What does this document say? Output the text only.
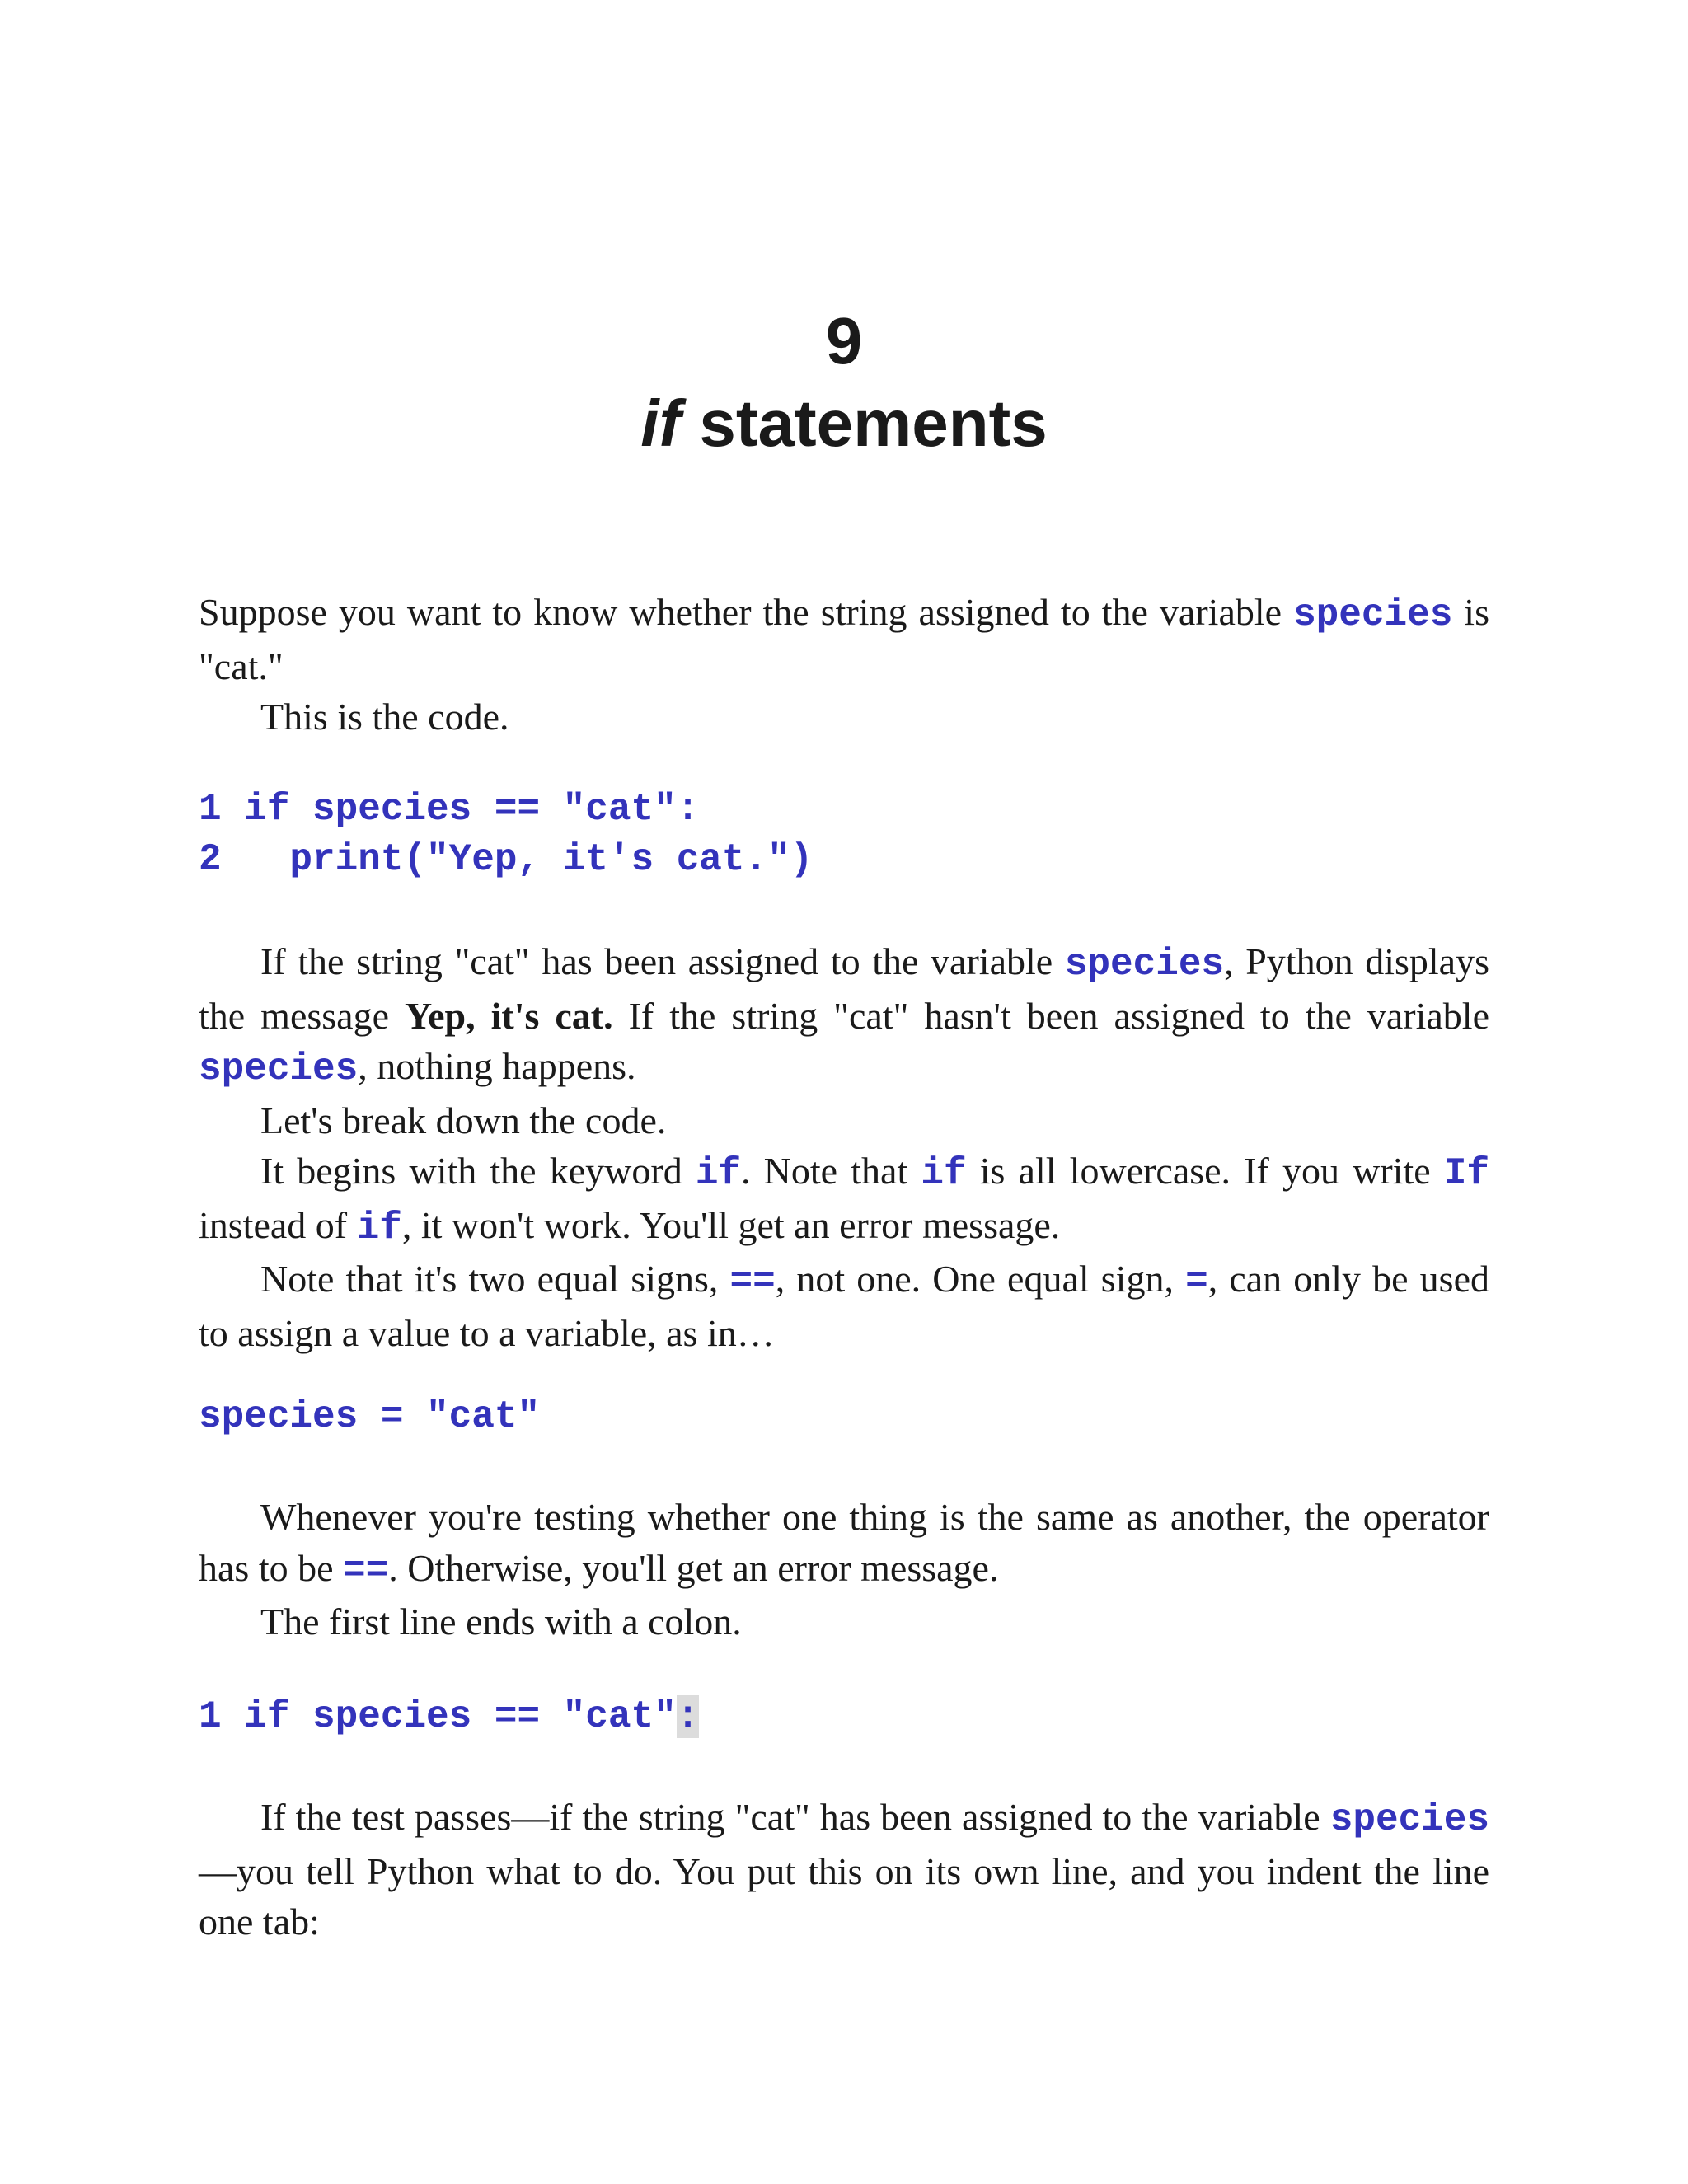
9
if statements

Suppose you want to know whether the string assigned to the variable species is "cat."

This is the code.

1 if species == "cat":
2   print("Yep, it's cat.")

If the string "cat" has been assigned to the variable species, Python displays the message Yep, it's cat. If the string "cat" hasn't been assigned to the variable species, nothing happens.

Let's break down the code.

It begins with the keyword if. Note that if is all lowercase. If you write If instead of if, it won't work. You'll get an error message.

Note that it's two equal signs, ==, not one. One equal sign, =, can only be used to assign a value to a variable, as in…

species = "cat"

Whenever you're testing whether one thing is the same as another, the operator has to be ==. Otherwise, you'll get an error message.

The first line ends with a colon.

1 if species == "cat":

If the test passes—if the string "cat" has been assigned to the variable species—you tell Python what to do. You put this on its own line, and you indent the line one tab:
